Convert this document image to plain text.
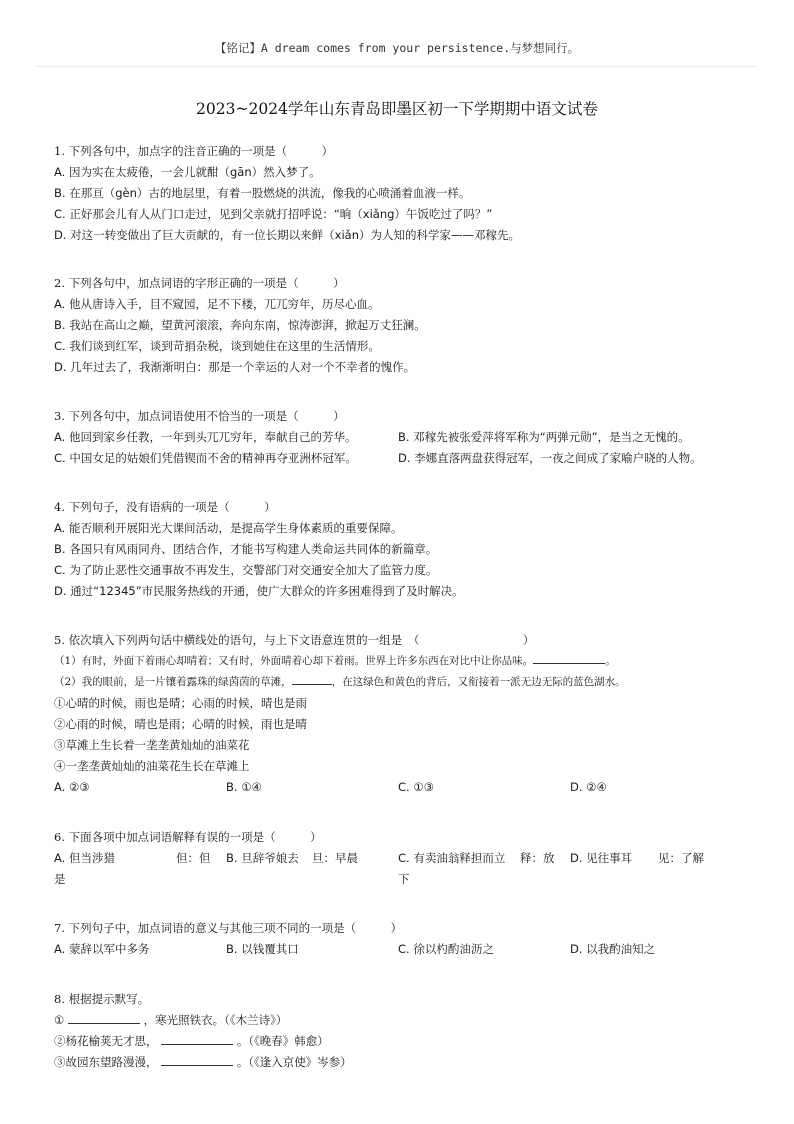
【铭记】A dream comes from your persistence.与梦想同行。
2023~2024学年山东青岛即墨区初一下学期期中语文试卷
1. 下列各句中，加点字的注音正确的一项是（　　　）
A. 因为实在太疲倦，一会儿就酣（gān）然入梦了。
B. 在那亘（gèn）古的地层里，有着一股燃烧的洪流，像我的心喷涌着血液一样。
C. 正好那会儿有人从门口走过，见到父亲就打招呼说：“晌（xiǎng）午饭吃过了吗？”
D. 对这一转变做出了巨大贡献的，有一位长期以来鲜（xiǎn）为人知的科学家——邓稼先。
2. 下列各句中，加点词语的字形正确的一项是（　　　）
A. 他从唐诗入手，目不窥园，足不下楼，兀兀穷年，历尽心血。
B. 我站在高山之巅，望黄河滚滚，奔向东南，惊涛澎湃，掀起万丈狂澜。
C. 我们谈到红军，谈到苛捐杂税，谈到她住在这里的生活情形。
D. 几年过去了，我渐渐明白：那是一个幸运的人对一个不幸者的愧作。
3. 下列各句中，加点词语使用不恰当的一项是（　　　）
A. 他回到家乡任教，一年到头兀兀穷年，奉献自己的芳华。	B. 邓稼先被张爱萍将军称为“两弹元勋”，是当之无愧的。
C. 中国女足的姑娘们凭借锲而不舍的精神再夺亚洲杯冠军。	D. 李娜直落两盘获得冠军，一夜之间成了家喻户晓的人物。
4. 下列句子，没有语病的一项是（　　　）
A. 能否顺利开展阳光大课间活动，是提高学生身体素质的重要保障。
B. 各国只有风雨同舟、团结合作，才能书写构建人类命运共同体的新篇章。
C. 为了防止恶性交通事故不再发生，交警部门对交通安全加大了监管力度。
D. 通过“12345”市民服务热线的开通，使广大群众的许多困难得到了及时解决。
5. 依次填入下列两句话中横线处的语句，与上下文语意连贯的一组是　（　　　　　　　　　）
（1）有时，外面下着雨心却晴着；又有时，外面晴着心却下着雨。世界上许多东西在对比中让你品味。	。
（2）我的眼前，是一片镶着露珠的绿茵茵的草滩，	，在这绿色和黄色的背后，又衔接着一派无边无际的蓝色湖水。
①心晴的时候，雨也是晴；心雨的时候，晴也是雨
②心雨的时候，晴也是雨；心晴的时候，雨也是晴
③草滩上生长着一垄垄黄灿灿的油菜花
④一垄垄黄灿灿的油菜花生长在草滩上
A. ②③	B. ①④	C. ①③	D. ②④
6. 下面各项中加点词语解释有误的一项是（　　　）
A. 但当涉猎	但：但
是
B. 旦辞爷娘去 旦：早晨	C. 有卖油翁释担而立 释：放
下
D. 见往事耳 见：了解
7. 下列句子中，加点词语的意义与其他三项不同的一项是（　　　）
A. 蒙辞以军中多务	B. 以钱覆其口	C. 徐以杓酌油沥之	D. 以我酌油知之
8. 根据提示默写。
①	，寒光照铁衣。（《木兰诗》）
②杨花榆荚无才思，	。（《晚春》韩愈）
③故园东望路漫漫，	。（《逢入京使》岑参）
